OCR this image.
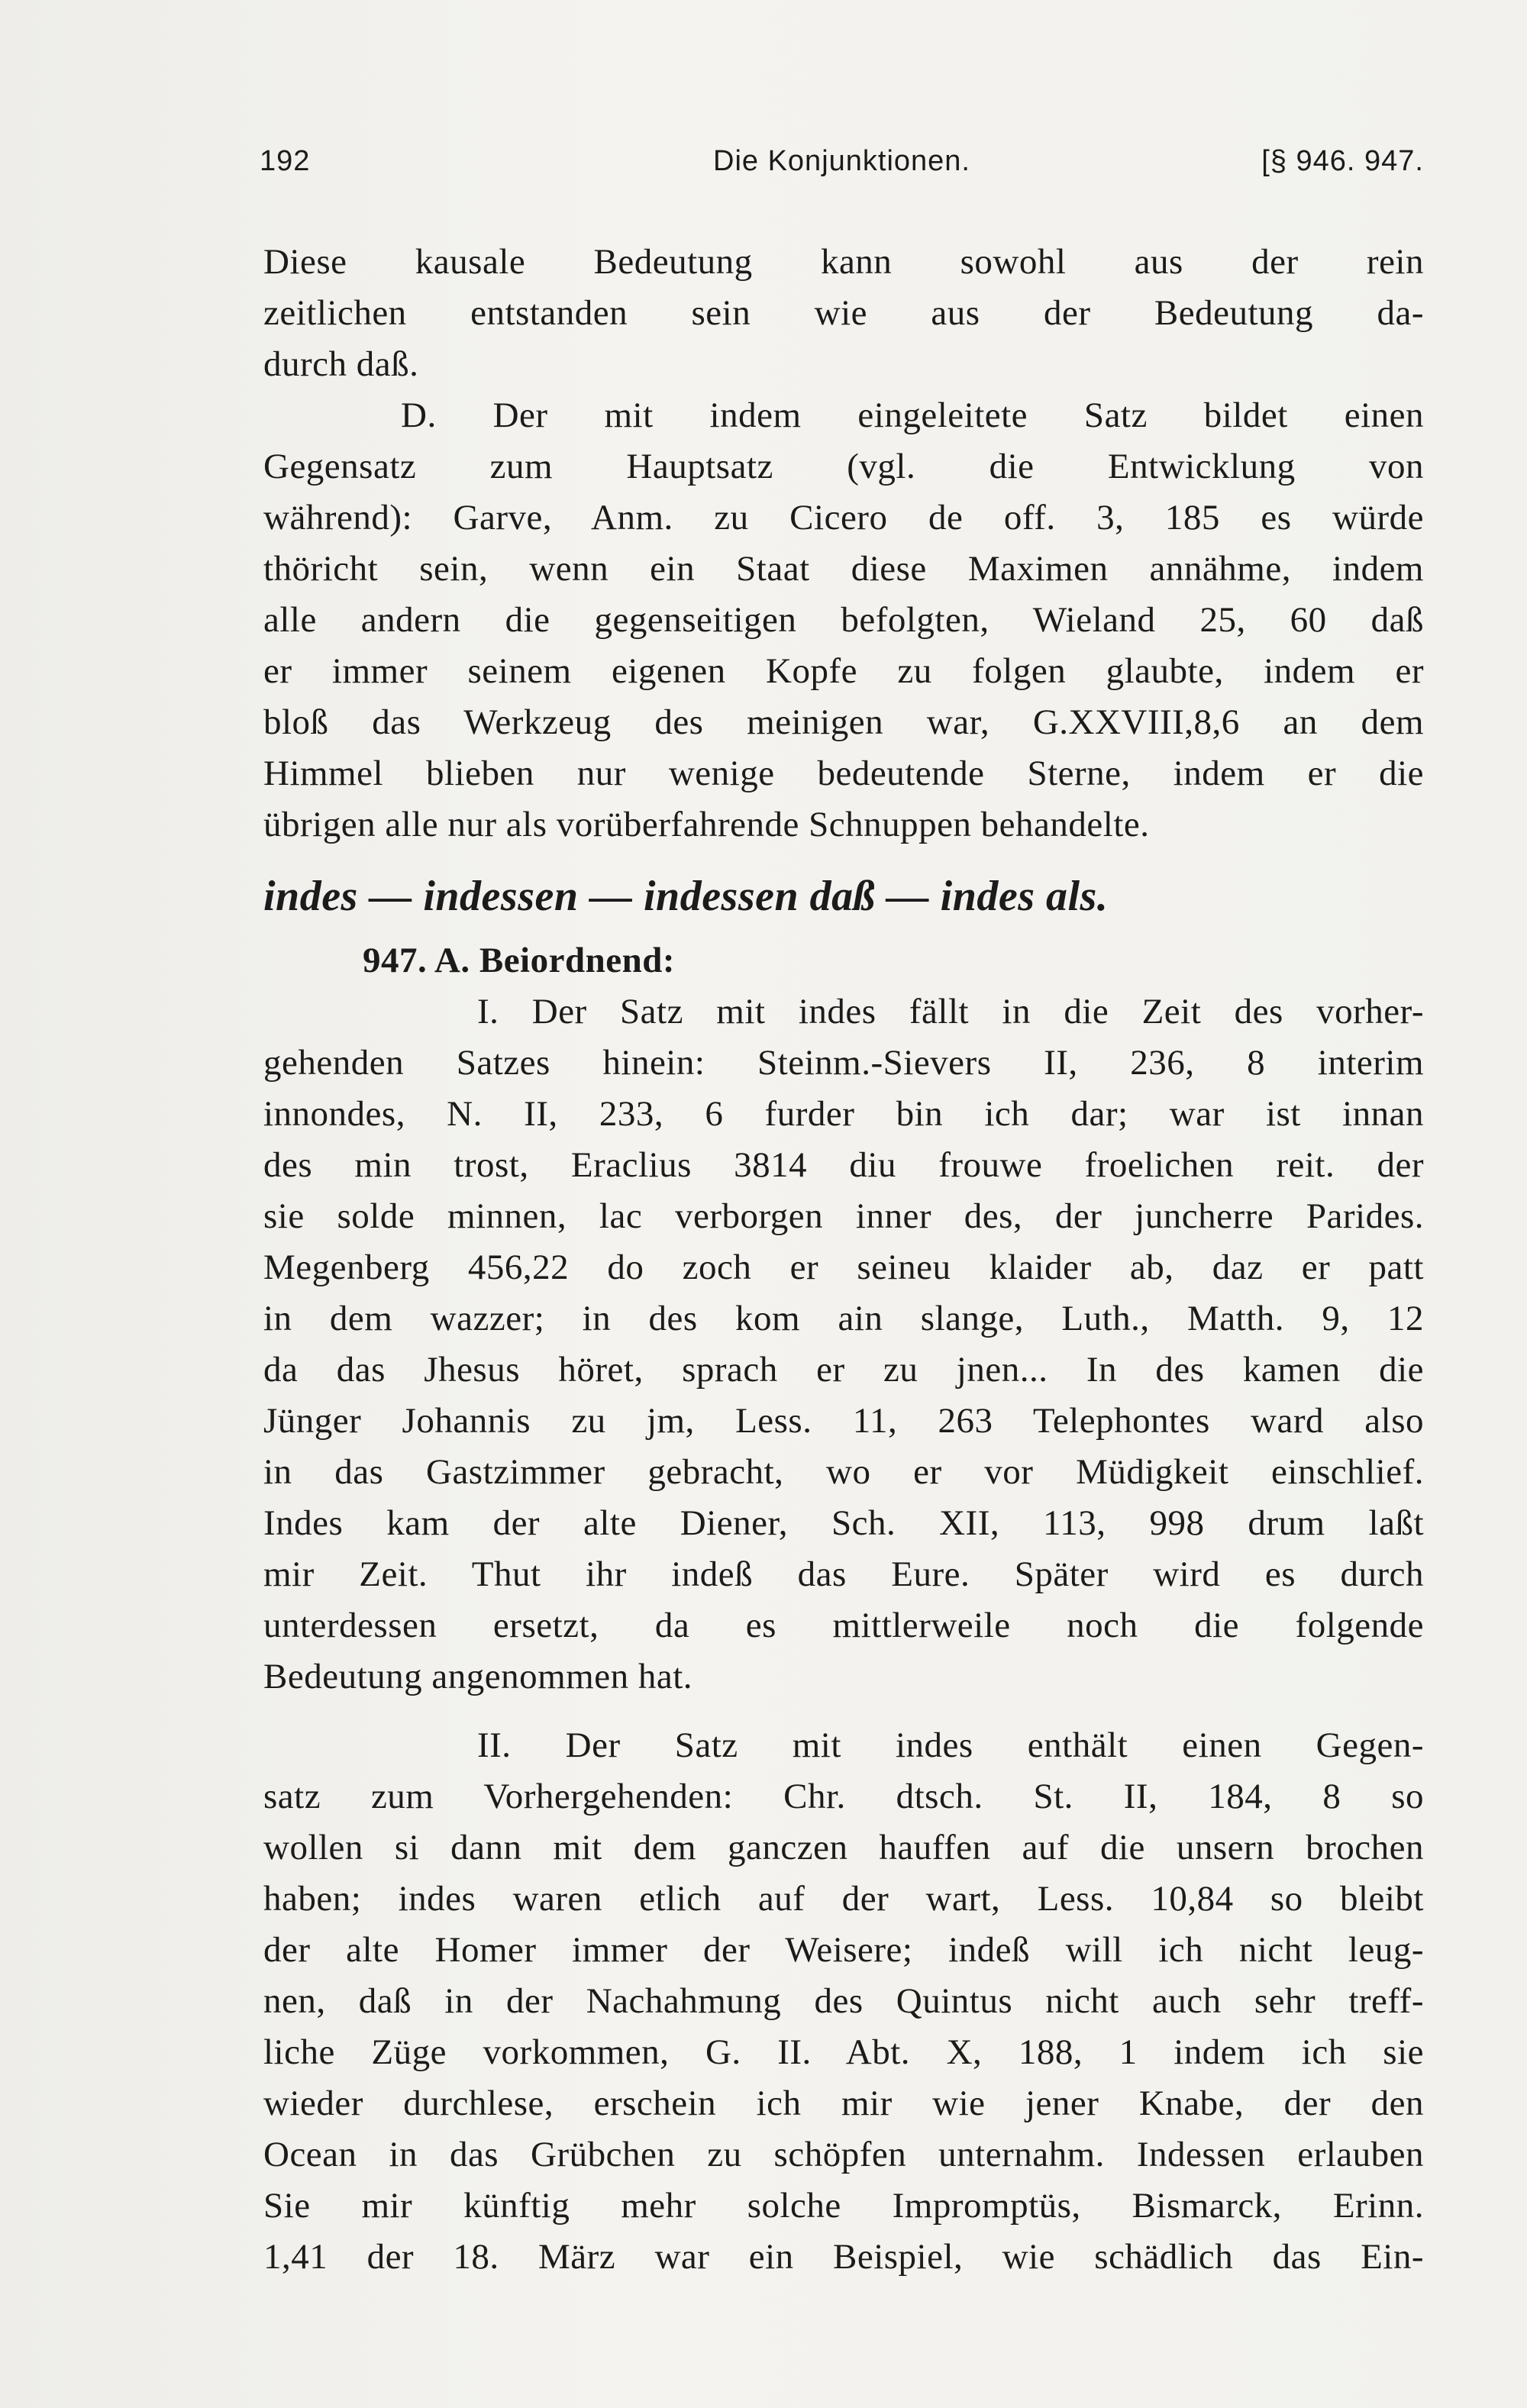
Die Konjunktionen.
192	[§ 946. 947.
Diese kausale Bedeutung kann sowohl aus der rein
zeitlichen entstanden sein wie aus der Bedeutung da-
durch daß.
D. Der mit indem eingeleitete Satz bildet einen
Gegensatz zum Hauptsatz (vgl. die Entwicklung von
während): Garve, Anm. zu Cicero de off. 3, 185 es würde
thöricht sein, wenn ein Staat diese Maximen annähme, indem
alle andern die gegenseitigen befolgten, Wieland 25, 60 daß
er immer seinem eigenen Kopfe zu folgen glaubte, indem er
bloß das Werkzeug des meinigen war, G.XXVIII,8,6 an dem
Himmel blieben nur wenige bedeutende Sterne, indem er die
übrigen alle nur als vorüberfahrende Schnuppen behandelte.
indes — indessen — indessen daß — indes als.
947. A. Beiordnend:
I. Der Satz mit indes fällt in die Zeit des vorher-
gehenden Satzes hinein: Steinm.-Sievers II, 236, 8 interim
innondes, N. II, 233, 6 furder bin ich dar; war ist innan
des min trost, Eraclius 3814 diu frouwe froelichen reit. der
sie solde minnen, lac verborgen inner des, der juncherre Parides.
Megenberg 456,22 do zoch er seineu klaider ab, daz er patt
in dem wazzer; in des kom ain slange, Luth., Matth. 9, 12
da das Jhesus höret, sprach er zu jnen... In des kamen die
Jünger Johannis zu jm, Less. 11, 263 Telephontes ward also
in das Gastzimmer gebracht, wo er vor Müdigkeit einschlief.
Indes kam der alte Diener, Sch. XII, 113, 998 drum laßt
mir Zeit. Thut ihr indeß das Eure. Später wird es durch
unterdessen ersetzt, da es mittlerweile noch die folgende
Bedeutung angenommen hat.
II. Der Satz mit indes enthält einen Gegen-
satz zum Vorhergehenden: Chr. dtsch. St. II, 184, 8 so
wollen si dann mit dem ganczen hauffen auf die unsern brochen
haben; indes waren etlich auf der wart, Less. 10,84 so bleibt
der alte Homer immer der Weisere; indeß will ich nicht leug-
nen, daß in der Nachahmung des Quintus nicht auch sehr treff-
liche Züge vorkommen, G. II. Abt. X, 188, 1 indem ich sie
wieder durchlese, erschein ich mir wie jener Knabe, der den
Ocean in das Grübchen zu schöpfen unternahm. Indessen erlauben
Sie mir künftig mehr solche Impromptüs, Bismarck, Erinn.
1,41 der 18. März war ein Beispiel, wie schädlich das Ein-
